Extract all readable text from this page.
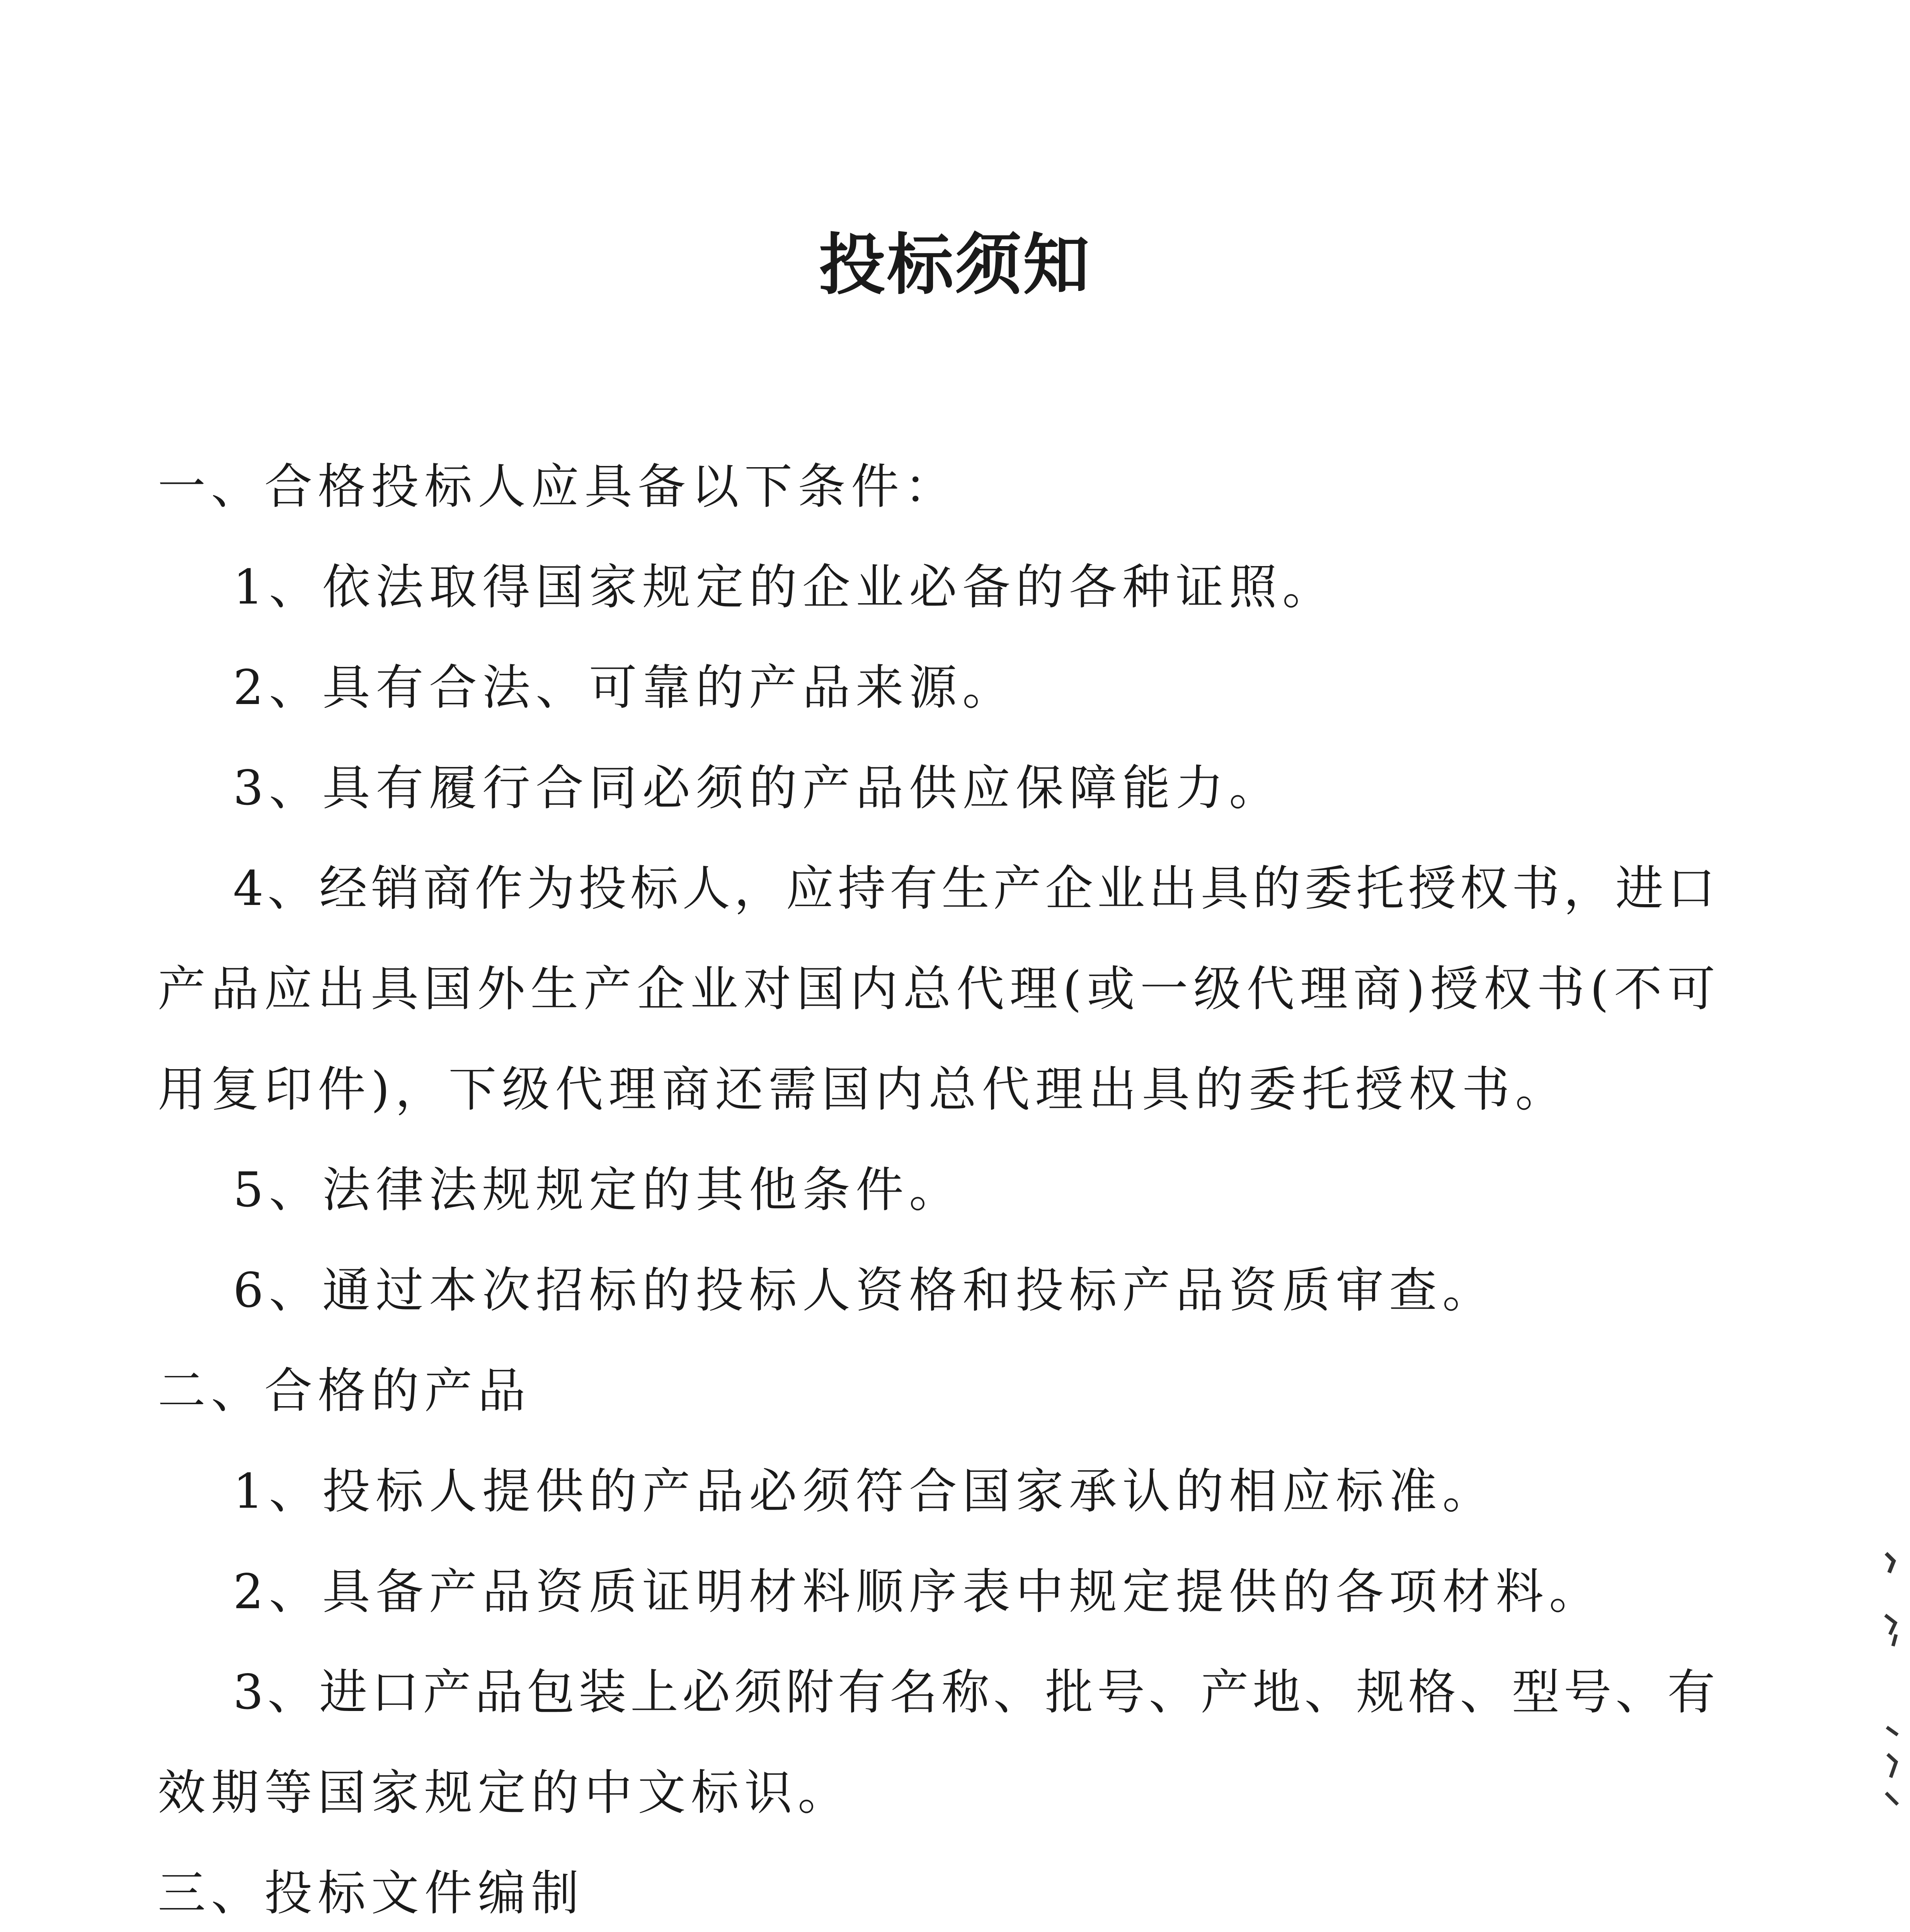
投标须知
一、合格投标人应具备以下条件：
1、依法取得国家规定的企业必备的各种证照。
2、具有合法、可靠的产品来源。
3、具有履行合同必须的产品供应保障能力。
4、经销商作为投标人，应持有生产企业出具的委托授权书，进口
产品应出具国外生产企业对国内总代理(或一级代理商)授权书(不可
用复印件)，下级代理商还需国内总代理出具的委托授权书。
5、法律法规规定的其他条件。
6、通过本次招标的投标人资格和投标产品资质审查。
二、合格的产品
1、投标人提供的产品必须符合国家承认的相应标准。
2、具备产品资质证明材料顺序表中规定提供的各项材料。
3、进口产品包装上必须附有名称、批号、产地、规格、型号、有
效期等国家规定的中文标识。
三、投标文件编制
